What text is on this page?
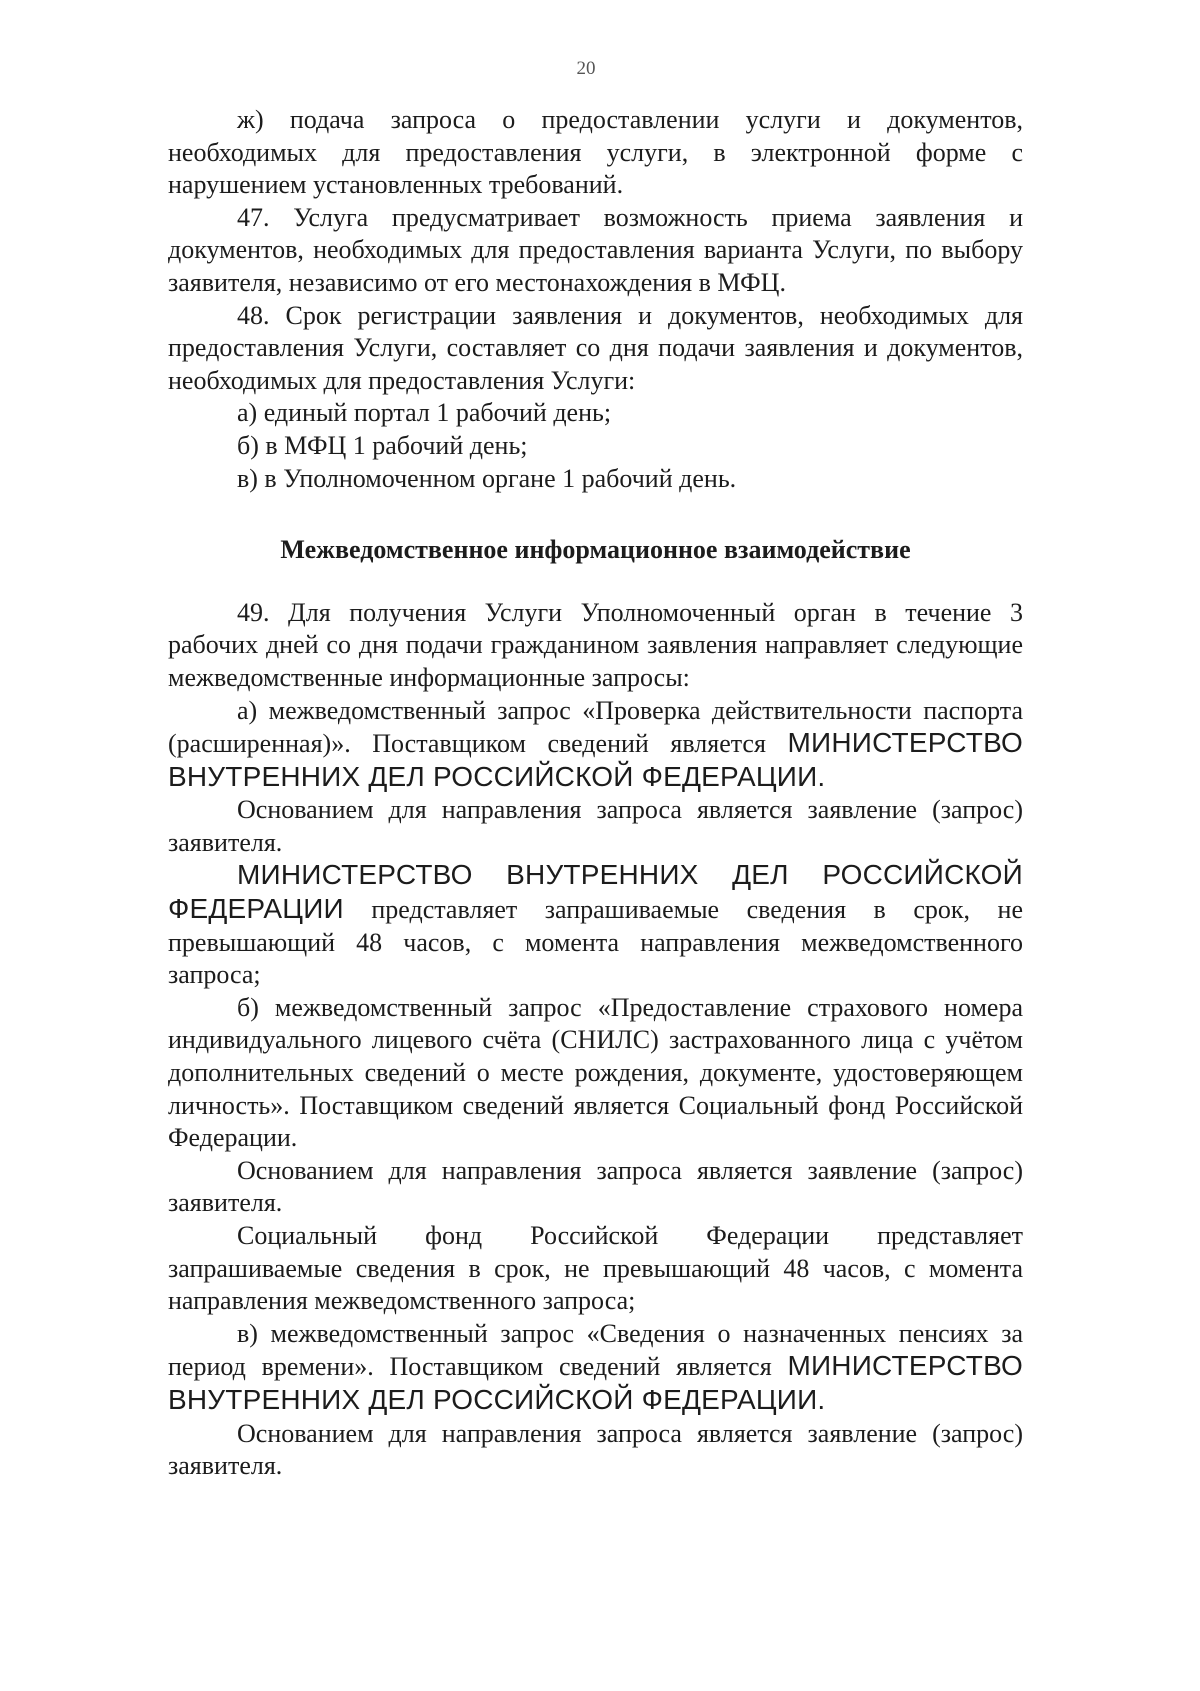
20

ж) подача запроса о предоставлении услуги и документов, необходимых для предоставления услуги, в электронной форме с нарушением установленных требований.

47. Услуга предусматривает возможность приема заявления и документов, необходимых для предоставления варианта Услуги, по выбору заявителя, независимо от его местонахождения в МФЦ.

48. Срок регистрации заявления и документов, необходимых для предоставления Услуги, составляет со дня подачи заявления и документов, необходимых для предоставления Услуги:

а) единый портал 1 рабочий день;

б) в МФЦ 1 рабочий день;

в) в Уполномоченном органе 1 рабочий день.

Межведомственное информационное взаимодействие

49. Для получения Услуги Уполномоченный орган в течение 3 рабочих дней со дня подачи гражданином заявления направляет следующие межведомственные информационные запросы:

а) межведомственный запрос «Проверка действительности паспорта (расширенная)». Поставщиком сведений является МИНИСТЕРСТВО ВНУТРЕННИХ ДЕЛ РОССИЙСКОЙ ФЕДЕРАЦИИ.

Основанием для направления запроса является заявление (запрос) заявителя.

МИНИСТЕРСТВО ВНУТРЕННИХ ДЕЛ РОССИЙСКОЙ ФЕДЕРАЦИИ представляет запрашиваемые сведения в срок, не превышающий 48 часов, с момента направления межведомственного запроса;

б) межведомственный запрос «Предоставление страхового номера индивидуального лицевого счёта (СНИЛС) застрахованного лица с учётом дополнительных сведений о месте рождения, документе, удостоверяющем личность». Поставщиком сведений является Социальный фонд Российской Федерации.

Основанием для направления запроса является заявление (запрос) заявителя.

Социальный фонд Российской Федерации представляет запрашиваемые сведения в срок, не превышающий 48 часов, с момента направления межведомственного запроса;

в) межведомственный запрос «Сведения о назначенных пенсиях за период времени». Поставщиком сведений является МИНИСТЕРСТВО ВНУТРЕННИХ ДЕЛ РОССИЙСКОЙ ФЕДЕРАЦИИ.

Основанием для направления запроса является заявление (запрос) заявителя.
